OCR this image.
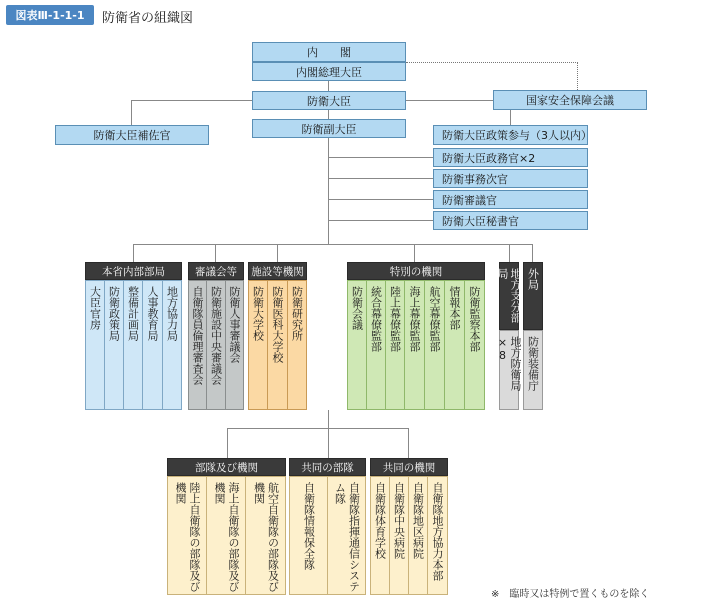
図表Ⅲ-1-1-1	防衛省の組織図
内　　閣
内閣総理大臣
国家安全保障会議
防衛大臣
防衛副大臣
防衛大臣補佐官	防衛大臣政策参与（3人以内）
防衛大臣政務官×2
防衛事務次官
防衛審議官
防衛大臣秘書官
本省内部部局	審議会等	施設等機関	特別の機関	地方支分部局	外局
大臣官房 防衛政策局 整備計画局 人事教育局 地方協力局	自衛隊員倫理審査会 防衛施設中央審議会 防衛人事審議会 防衛大学校 防衛医科大学校 防衛研究所	防衛会議 統合幕僚監部 陸上幕僚監部 海上幕僚監部 航空幕僚監部 情報本部 防衛監察本部
地方防衛局×8	防衛装備庁
部隊及び機関	共同の部隊	共同の機関
陸上自衛隊の部隊及び機関	海上自衛隊の部隊及び機関	航空自衛隊の部隊及び機関	自衛隊情報保全隊	自衛隊指揮通信システム隊	自衛隊体育学校 自衛隊中央病院 自衛隊地区病院 自衛隊地方協力本部
※　臨時又は特例で置くものを除く
